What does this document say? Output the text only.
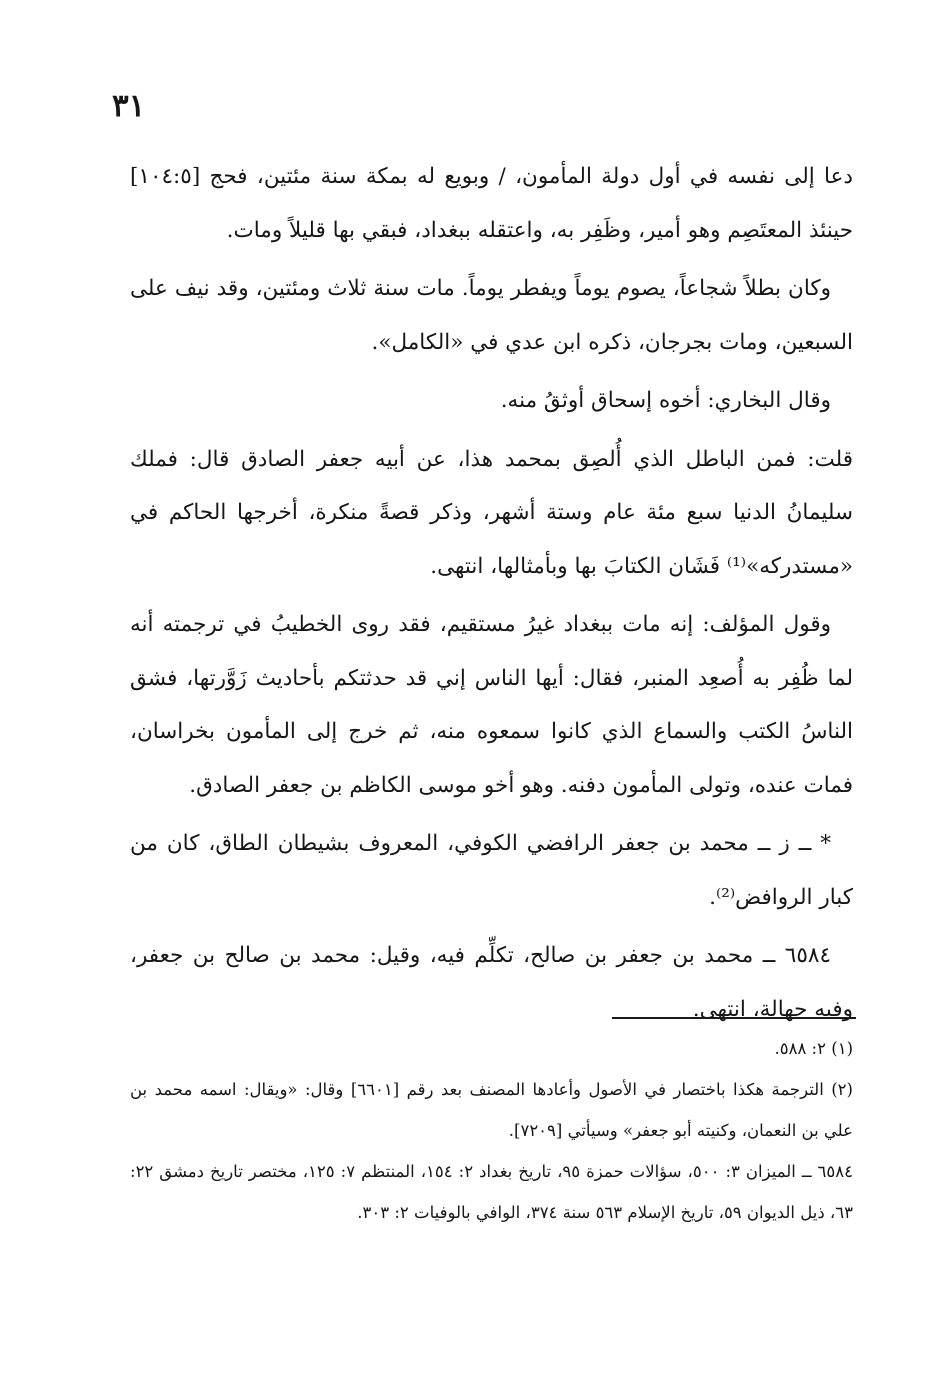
٣١

دعا إلى نفسه في أول دولة المأمون، / وبويع له بمكة سنة مئتين، فحج [١٠٤:٥] حينئذ المعتَصِم وهو أمير، وظَفِر به، واعتقله ببغداد، فبقي بها قليلاً ومات.

وكان بطلاً شجاعاً، يصوم يوماً ويفطر يوماً. مات سنة ثلاث ومئتين، وقد نيف على السبعين، ومات بجرجان، ذكره ابن عدي في «الكامل».

وقال البخاري: أخوه إسحاق أوثقُ منه.

قلت: فمن الباطل الذي أُلصِق بمحمد هذا، عن أبيه جعفر الصادق قال: فملك سليمانُ الدنيا سبع مئة عام وستة أشهر، وذكر قصةً منكرة، أخرجها الحاكم في «مستدركه»⁽¹⁾ فَشَان الكتابَ بها وبأمثالها، انتهى.

وقول المؤلف: إنه مات ببغداد غيرُ مستقيم، فقد روى الخطيبُ في ترجمته أنه لما ظُفِر به أُصعِد المنبر، فقال: أيها الناس إني قد حدثتكم بأحاديث زَوَّرتها، فشق الناسُ الكتب والسماع الذي كانوا سمعوه منه، ثم خرج إلى المأمون بخراسان، فمات عنده، وتولى المأمون دفنه. وهو أخو موسى الكاظم بن جعفر الصادق.

* ــ ز ــ محمد بن جعفر الرافضي الكوفي، المعروف بشيطان الطاق، كان من كبار الروافض⁽²⁾.

٦٥٨٤ ــ محمد بن جعفر بن صالح، تكلِّم فيه، وقيل: محمد بن صالح بن جعفر، وفيه جهالة، انتهى.

(١) ٢: ٥٨٨.

(٢) الترجمة هكذا باختصار في الأصول وأعادها المصنف بعد رقم [٦٦٠١] وقال: «ويقال: اسمه محمد بن علي بن النعمان، وكنيته أبو جعفر» وسيأتي [٧٢٠٩].

٦٥٨٤ ــ الميزان ٣: ٥٠٠، سؤالات حمزة ٩٥، تاريخ بغداد ٢: ١٥٤، المنتظم ٧: ١٢٥، مختصر تاريخ دمشق ٢٢: ٦٣، ذيل الديوان ٥٩، تاريخ الإسلام ٥٦٣ سنة ٣٧٤، الوافي بالوفيات ٢: ٣٠٣.
